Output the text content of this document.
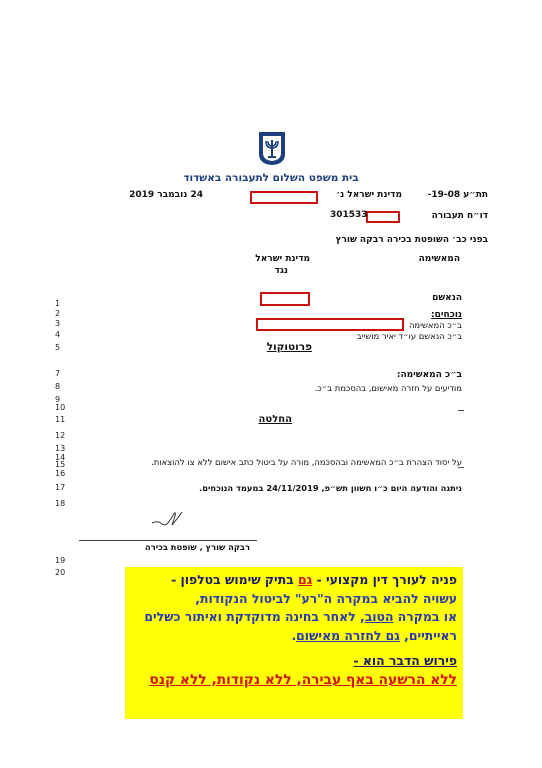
בית משפט השלום לתעבורה באשדוד
תת״ע 19-08-
מדינת ישראל נ׳
24 נובמבר 2019
דו״ח תעבורה
301533
בפני כב׳ השופטת בכירה רבקה שורץ
המאשימה
מדינת ישראל
נגד
הנאשם
1
2
3
4
5
7
8
9
10
11
12
13
14
15
16
17
18
19
20
נוכחים:
ב״כ המאשימה
ב״כ הנאשם עו״ד יאיר מושייב
פרוטוקול
ב״כ המאשימה:
מודיעים על חזרה מאישום, בהסכמת ב״כ.
החלטה
על יסוד הצהרת ב״כ המאשימה ובהסכמה, מורה על ביטול כתב אישום ללא צו להוצאות.
ניתנה והודעה היום כ״ו חשוון תש״פ, 24/11/2019 במעמד הנוכחים.
רבקה שורץ , שופטת בכירה
פניה לעורך דין מקצועי - גם בתיק שימוש בטלפון -
עשויה להביא במקרה ה"רע" לביטול הנקודות,
או במקרה הטוב, לאחר בחינה מדוקדקת ואיתור כשלים
ראייתיים, גם לחזרה מאישום.
פירוש הדבר הוא -
ללא הרשעה באף עבירה, ללא נקודות, ללא קנס
